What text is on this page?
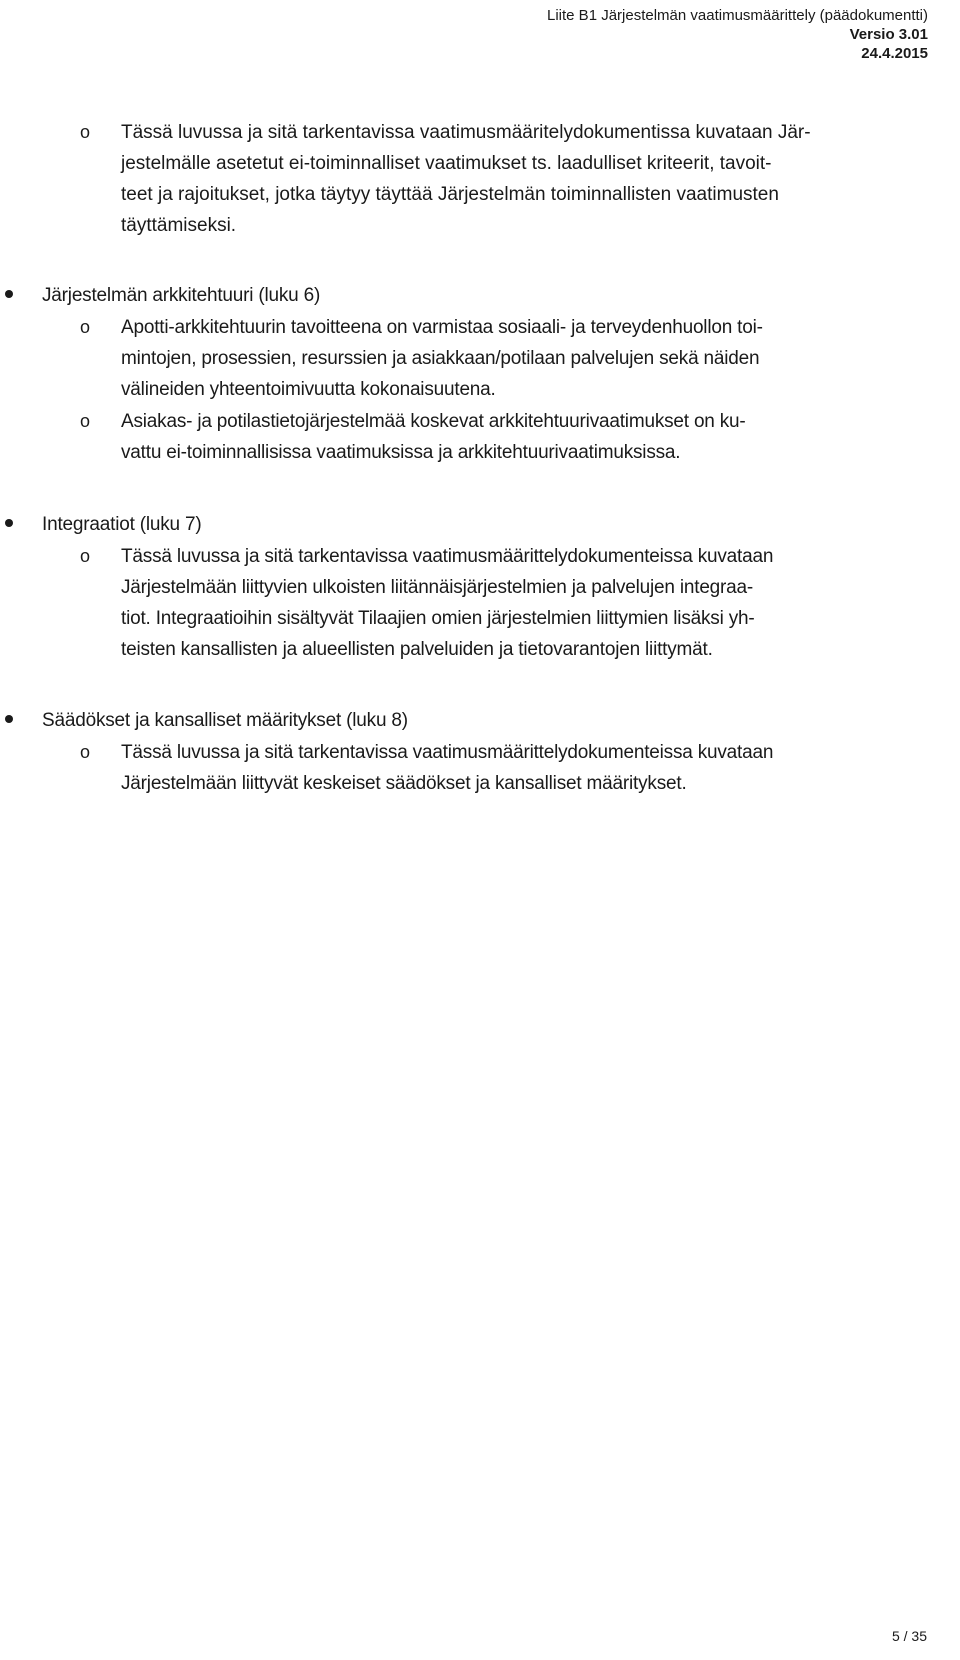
Liite B1 Järjestelmän vaatimusmäärittely (päädokumentti)
Versio 3.01
24.4.2015
o Tässä luvussa ja sitä tarkentavissa vaatimusmääritelydokumentissa kuvataan Jär-
jestelmälle asetetut ei-toiminnalliset vaatimukset ts. laadulliset kriteerit, tavoit-
teet ja rajoitukset, jotka täytyy täyttää Järjestelmän toiminnallisten vaatimusten
täyttämiseksi.
Järjestelmän arkkitehtuuri (luku 6)
o Apotti-arkkitehtuurin tavoitteena on varmistaa sosiaali- ja terveydenhuollon toi-
mintojen, prosessien, resurssien ja asiakkaan/potilaan palvelujen sekä näiden
välineiden yhteentoimivuutta kokonaisuutena.
o Asiakas- ja potilastietojärjestelmää koskevat arkkitehtuurivaatimukset on ku-
vattu ei-toiminnallisissa vaatimuksissa ja arkkitehtuurivaatimuksissa.
Integraatiot (luku 7)
o Tässä luvussa ja sitä tarkentavissa vaatimusmäärittelydokumenteissa kuvataan
Järjestelmään liittyvien ulkoisten liitännäisjärjestelmien ja palvelujen integraa-
tiot. Integraatioihin sisältyvät Tilaajien omien järjestelmien liittymien lisäksi yh-
teisten kansallisten ja alueellisten palveluiden ja tietovarantojen liittymät.
Säädökset ja kansalliset määritykset (luku 8)
o Tässä luvussa ja sitä tarkentavissa vaatimusmäärittelydokumenteissa kuvataan
Järjestelmään liittyvät keskeiset säädökset ja kansalliset määritykset.
5 / 35
